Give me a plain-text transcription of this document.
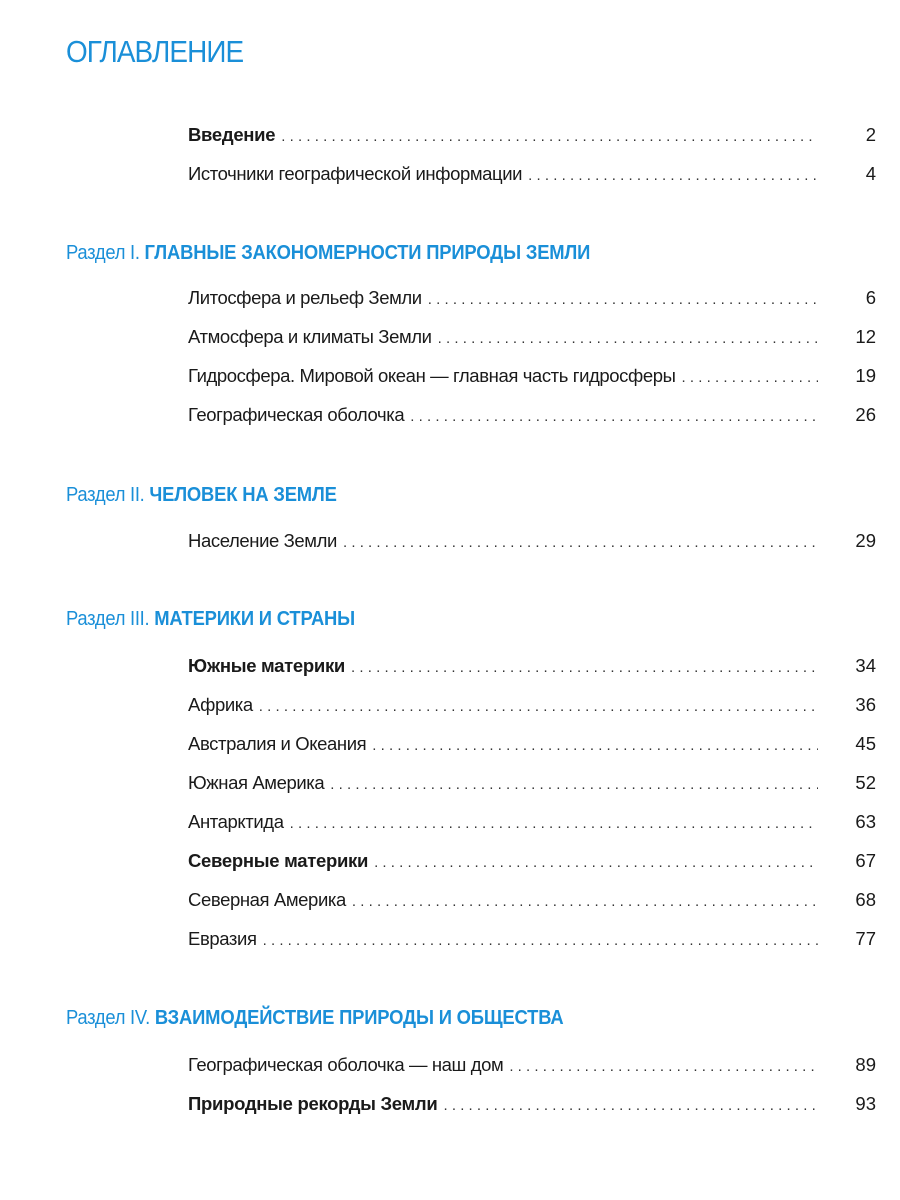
ОГЛАВЛЕНИЕ
Введение .....	2
Источники географической информации .....	4
Раздел I. ГЛАВНЫЕ ЗАКОНОМЕРНОСТИ ПРИРОДЫ ЗЕМЛИ
Литосфера и рельеф Земли .....	6
Атмосфера и климаты Земли .....	12
Гидросфера. Мировой океан — главная часть гидросферы .....	19
Географическая оболочка .....	26
Раздел II. ЧЕЛОВЕК НА ЗЕМЛЕ
Население Земли .....	29
Раздел III. МАТЕРИКИ И СТРАНЫ
Южные материки .....	34
Африка .....	36
Австралия и Океания .....	45
Южная Америка .....	52
Антарктида .....	63
Северные материки .....	67
Северная Америка .....	68
Евразия .....	77
Раздел IV. ВЗАИМОДЕЙСТВИЕ ПРИРОДЫ И ОБЩЕСТВА
Географическая оболочка — наш дом .....	89
Природные рекорды Земли .....	93
